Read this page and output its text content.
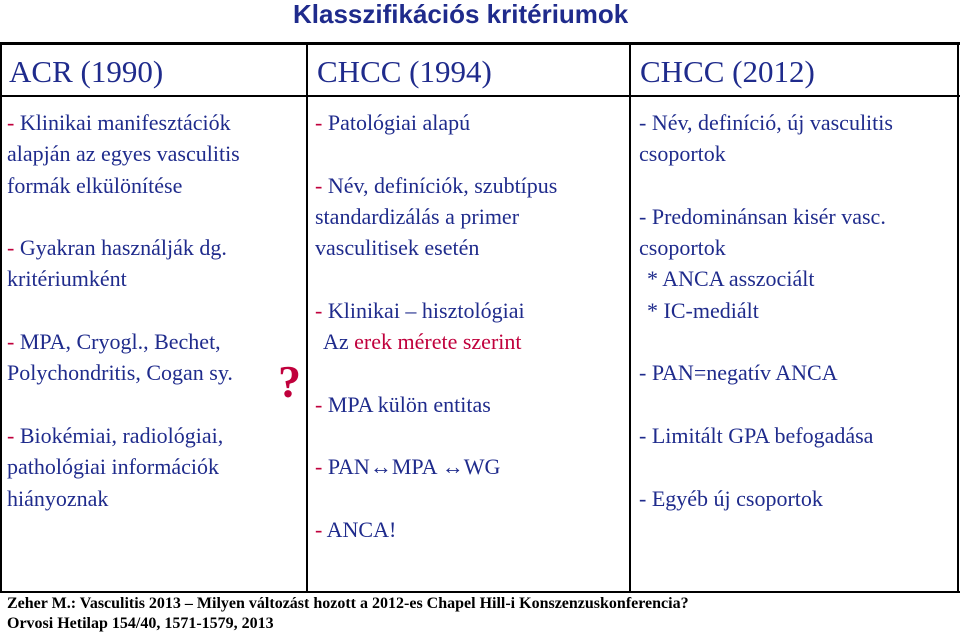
Klasszifikációs kritériumok
ACR (1990)	CHCC (1994)	CHCC (2012)
- Klinikai manifesztációk
alapján az egyes vasculitis
formák elkülönítése
- Gyakran használják dg.
kritériumként
- MPA, Cryogl., Bechet,
Polychondritis, Cogan sy.
- Biokémiai, radiológiai,
pathológiai információk
hiányoznak
?
- Patológiai alapú
- Név, definíciók, szubtípus
standardizálás a primer
vasculitisek esetén
- Klinikai ‒ hisztológiai
Az erek mérete szerint
- MPA külön entitas
- PAN↔MPA ↔WG
- ANCA!
- Név, definíció, új vasculitis
csoportok
- Predominánsan kisér vasc.
csoportok
* ANCA asszociált
* IC-mediált
- PAN=negatív ANCA
- Limitált GPA befogadása
- Egyéb új csoportok
Zeher M.: Vasculitis 2013 ‒ Milyen változást hozott a 2012-es Chapel Hill-i Konszenzuskonferencia?
Orvosi Hetilap 154/40, 1571-1579, 2013
